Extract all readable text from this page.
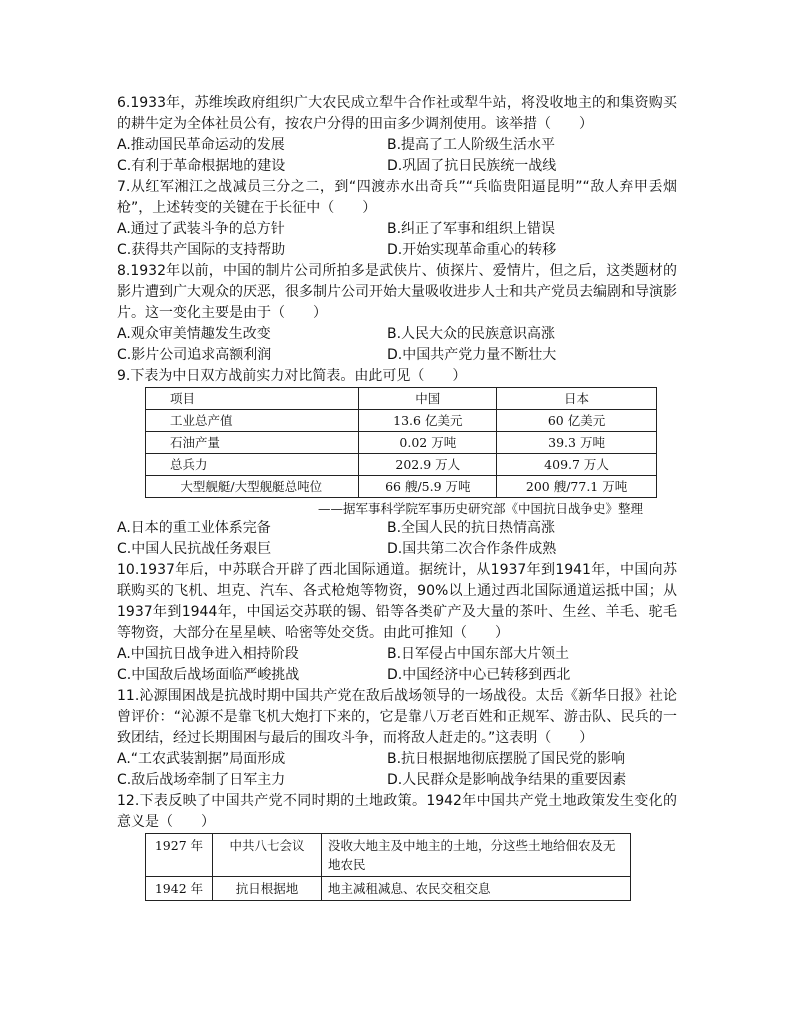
6.1933年，苏维埃政府组织广大农民成立犁牛合作社或犁牛站，将没收地主的和集资购买的耕牛定为全体社员公有，按农户分得的田亩多少调剂使用。该举措（　　）

A.推动国民革命运动的发展	B.提高了工人阶级生活水平

C.有利于革命根据地的建设	D.巩固了抗日民族统一战线

7.从红军湘江之战减员三分之二，到“四渡赤水出奇兵”“兵临贵阳逼昆明”“敌人弃甲丢烟枪”，上述转变的关键在于长征中（　　）

A.通过了武装斗争的总方针	B.纠正了军事和组织上错误

C.获得共产国际的支持帮助	D.开始实现革命重心的转移

8.1932年以前，中国的制片公司所拍多是武侠片、侦探片、爱情片，但之后，这类题材的影片遭到广大观众的厌恶，很多制片公司开始大量吸收进步人士和共产党员去编剧和导演影片。这一变化主要是由于（　　）

A.观众审美情趣发生改变	B.人民大众的民族意识高涨

C.影片公司追求高额利润	D.中国共产党力量不断壮大

9.下表为中日双方战前实力对比简表。由此可见（　　）

项目	中国	日本
工业总产值	13.6 亿美元	60 亿美元
石油产量	0.02 万吨	39.3 万吨
总兵力	202.9 万人	409.7 万人
大型舰艇/大型舰艇总吨位	66 艘/5.9 万吨	200 艘/77.1 万吨

——据军事科学院军事历史研究部《中国抗日战争史》整理

A.日本的重工业体系完备	B.全国人民的抗日热情高涨

C.中国人民抗战任务艰巨	D.国共第二次合作条件成熟

10.1937年后，中苏联合开辟了西北国际通道。据统计，从1937年到1941年，中国向苏联购买的飞机、坦克、汽车、各式枪炮等物资，90%以上通过西北国际通道运抵中国；从1937年到1944年，中国运交苏联的锡、铅等各类矿产及大量的茶叶、生丝、羊毛、驼毛等物资，大部分在星星峡、哈密等处交货。由此可推知（　　）

A.中国抗日战争进入相持阶段	B.日军侵占中国东部大片领土

C.中国敌后战场面临严峻挑战	D.中国经济中心已转移到西北

11.沁源围困战是抗战时期中国共产党在敌后战场领导的一场战役。太岳《新华日报》社论曾评价：“沁源不是靠飞机大炮打下来的，它是靠八万老百姓和正规军、游击队、民兵的一致团结，经过长期围困与最后的围攻斗争，而将敌人赶走的。”这表明（　　）

A.“工农武装割据”局面形成	B.抗日根据地彻底摆脱了国民党的影响

C.敌后战场牵制了日军主力	D.人民群众是影响战争结果的重要因素

12.下表反映了中国共产党不同时期的土地政策。1942年中国共产党土地政策发生变化的意义是（　　）

1927 年	中共八七会议	没收大地主及中地主的土地，分这些土地给佃农及无地农民
1942 年	抗日根据地	地主减租减息、农民交租交息
